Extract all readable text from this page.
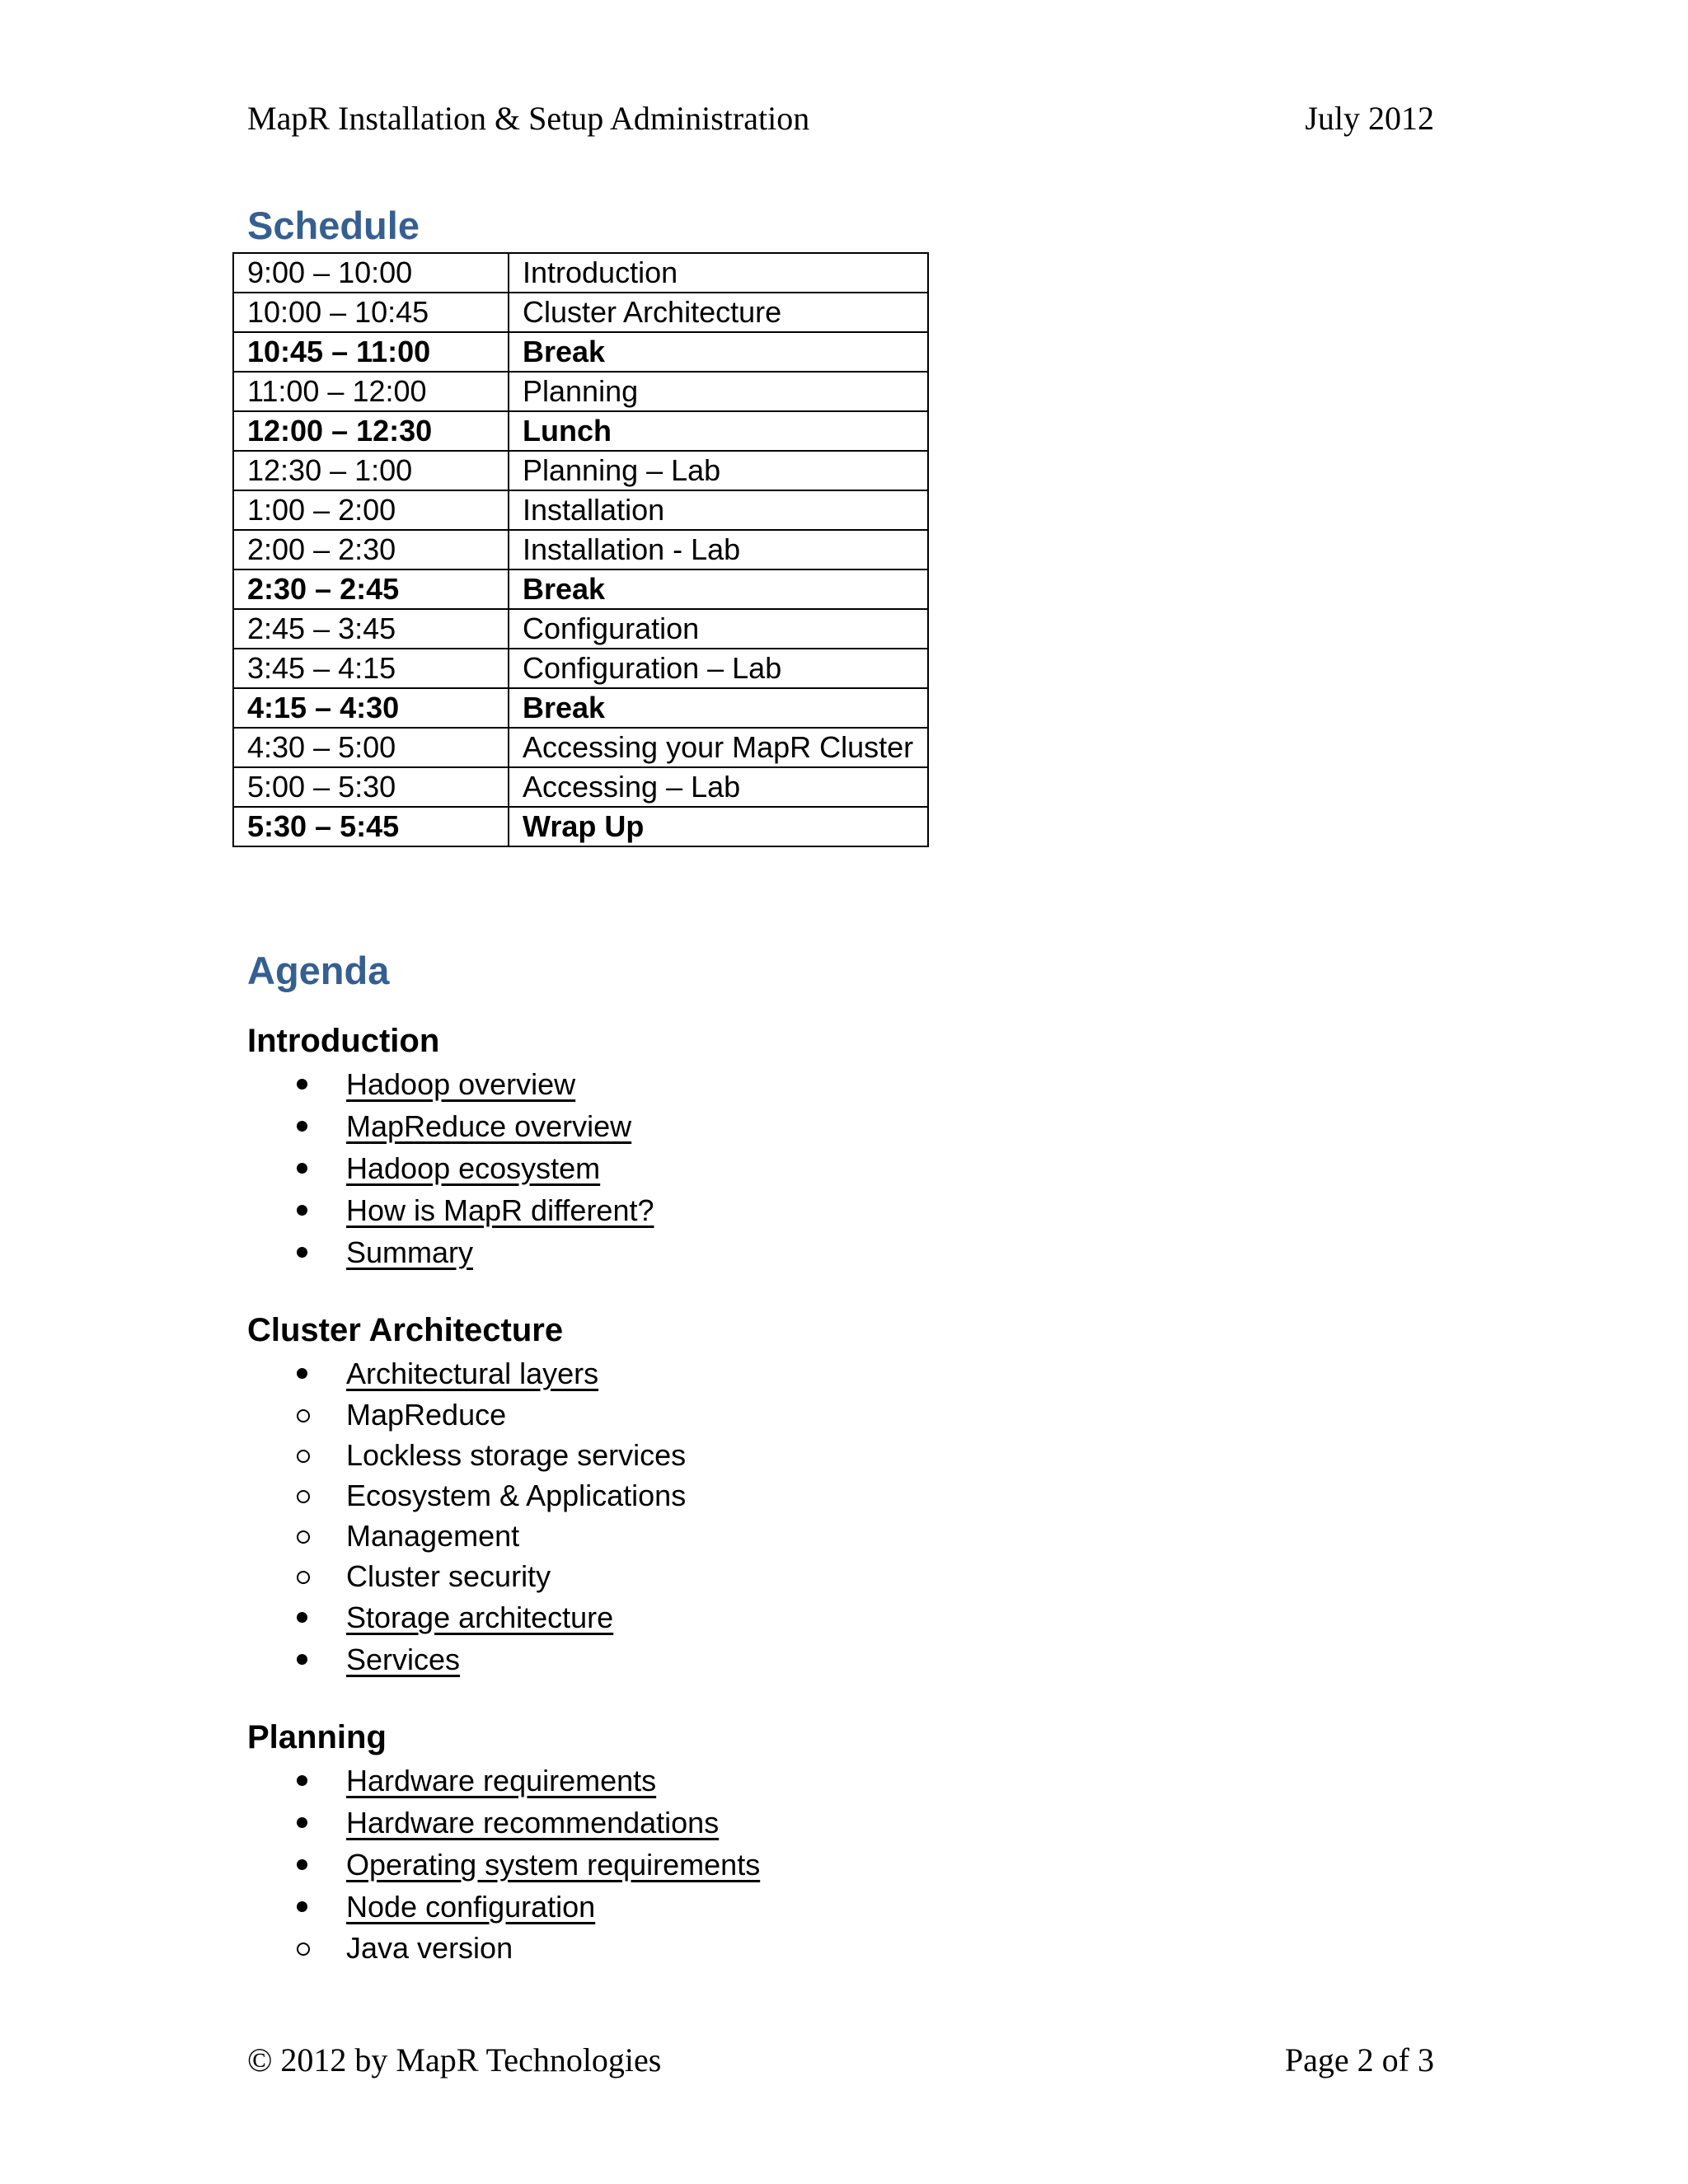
MapR Installation & Setup Administration	July 2012
Schedule
9:00 – 10:00	Introduction
10:00 – 10:45	Cluster Architecture
10:45 – 11:00	Break
11:00 – 12:00	Planning
12:00 – 12:30	Lunch
12:30 – 1:00	Planning – Lab
1:00 – 2:00	Installation
2:00 – 2:30	Installation - Lab
2:30 – 2:45	Break
2:45 – 3:45	Configuration
3:45 – 4:15	Configuration – Lab
4:15 – 4:30	Break
4:30 – 5:00	Accessing your MapR Cluster
5:00 – 5:30	Accessing – Lab
5:30 – 5:45	Wrap Up
Agenda
Introduction
Hadoop overview
MapReduce overview
Hadoop ecosystem
How is MapR different?
Summary
Cluster Architecture
Architectural layers
MapReduce
Lockless storage services
Ecosystem & Applications
Management
Cluster security
Storage architecture
Services
Planning
Hardware requirements
Hardware recommendations
Operating system requirements
Node configuration
Java version
© 2012 by MapR Technologies	Page 2 of 3
